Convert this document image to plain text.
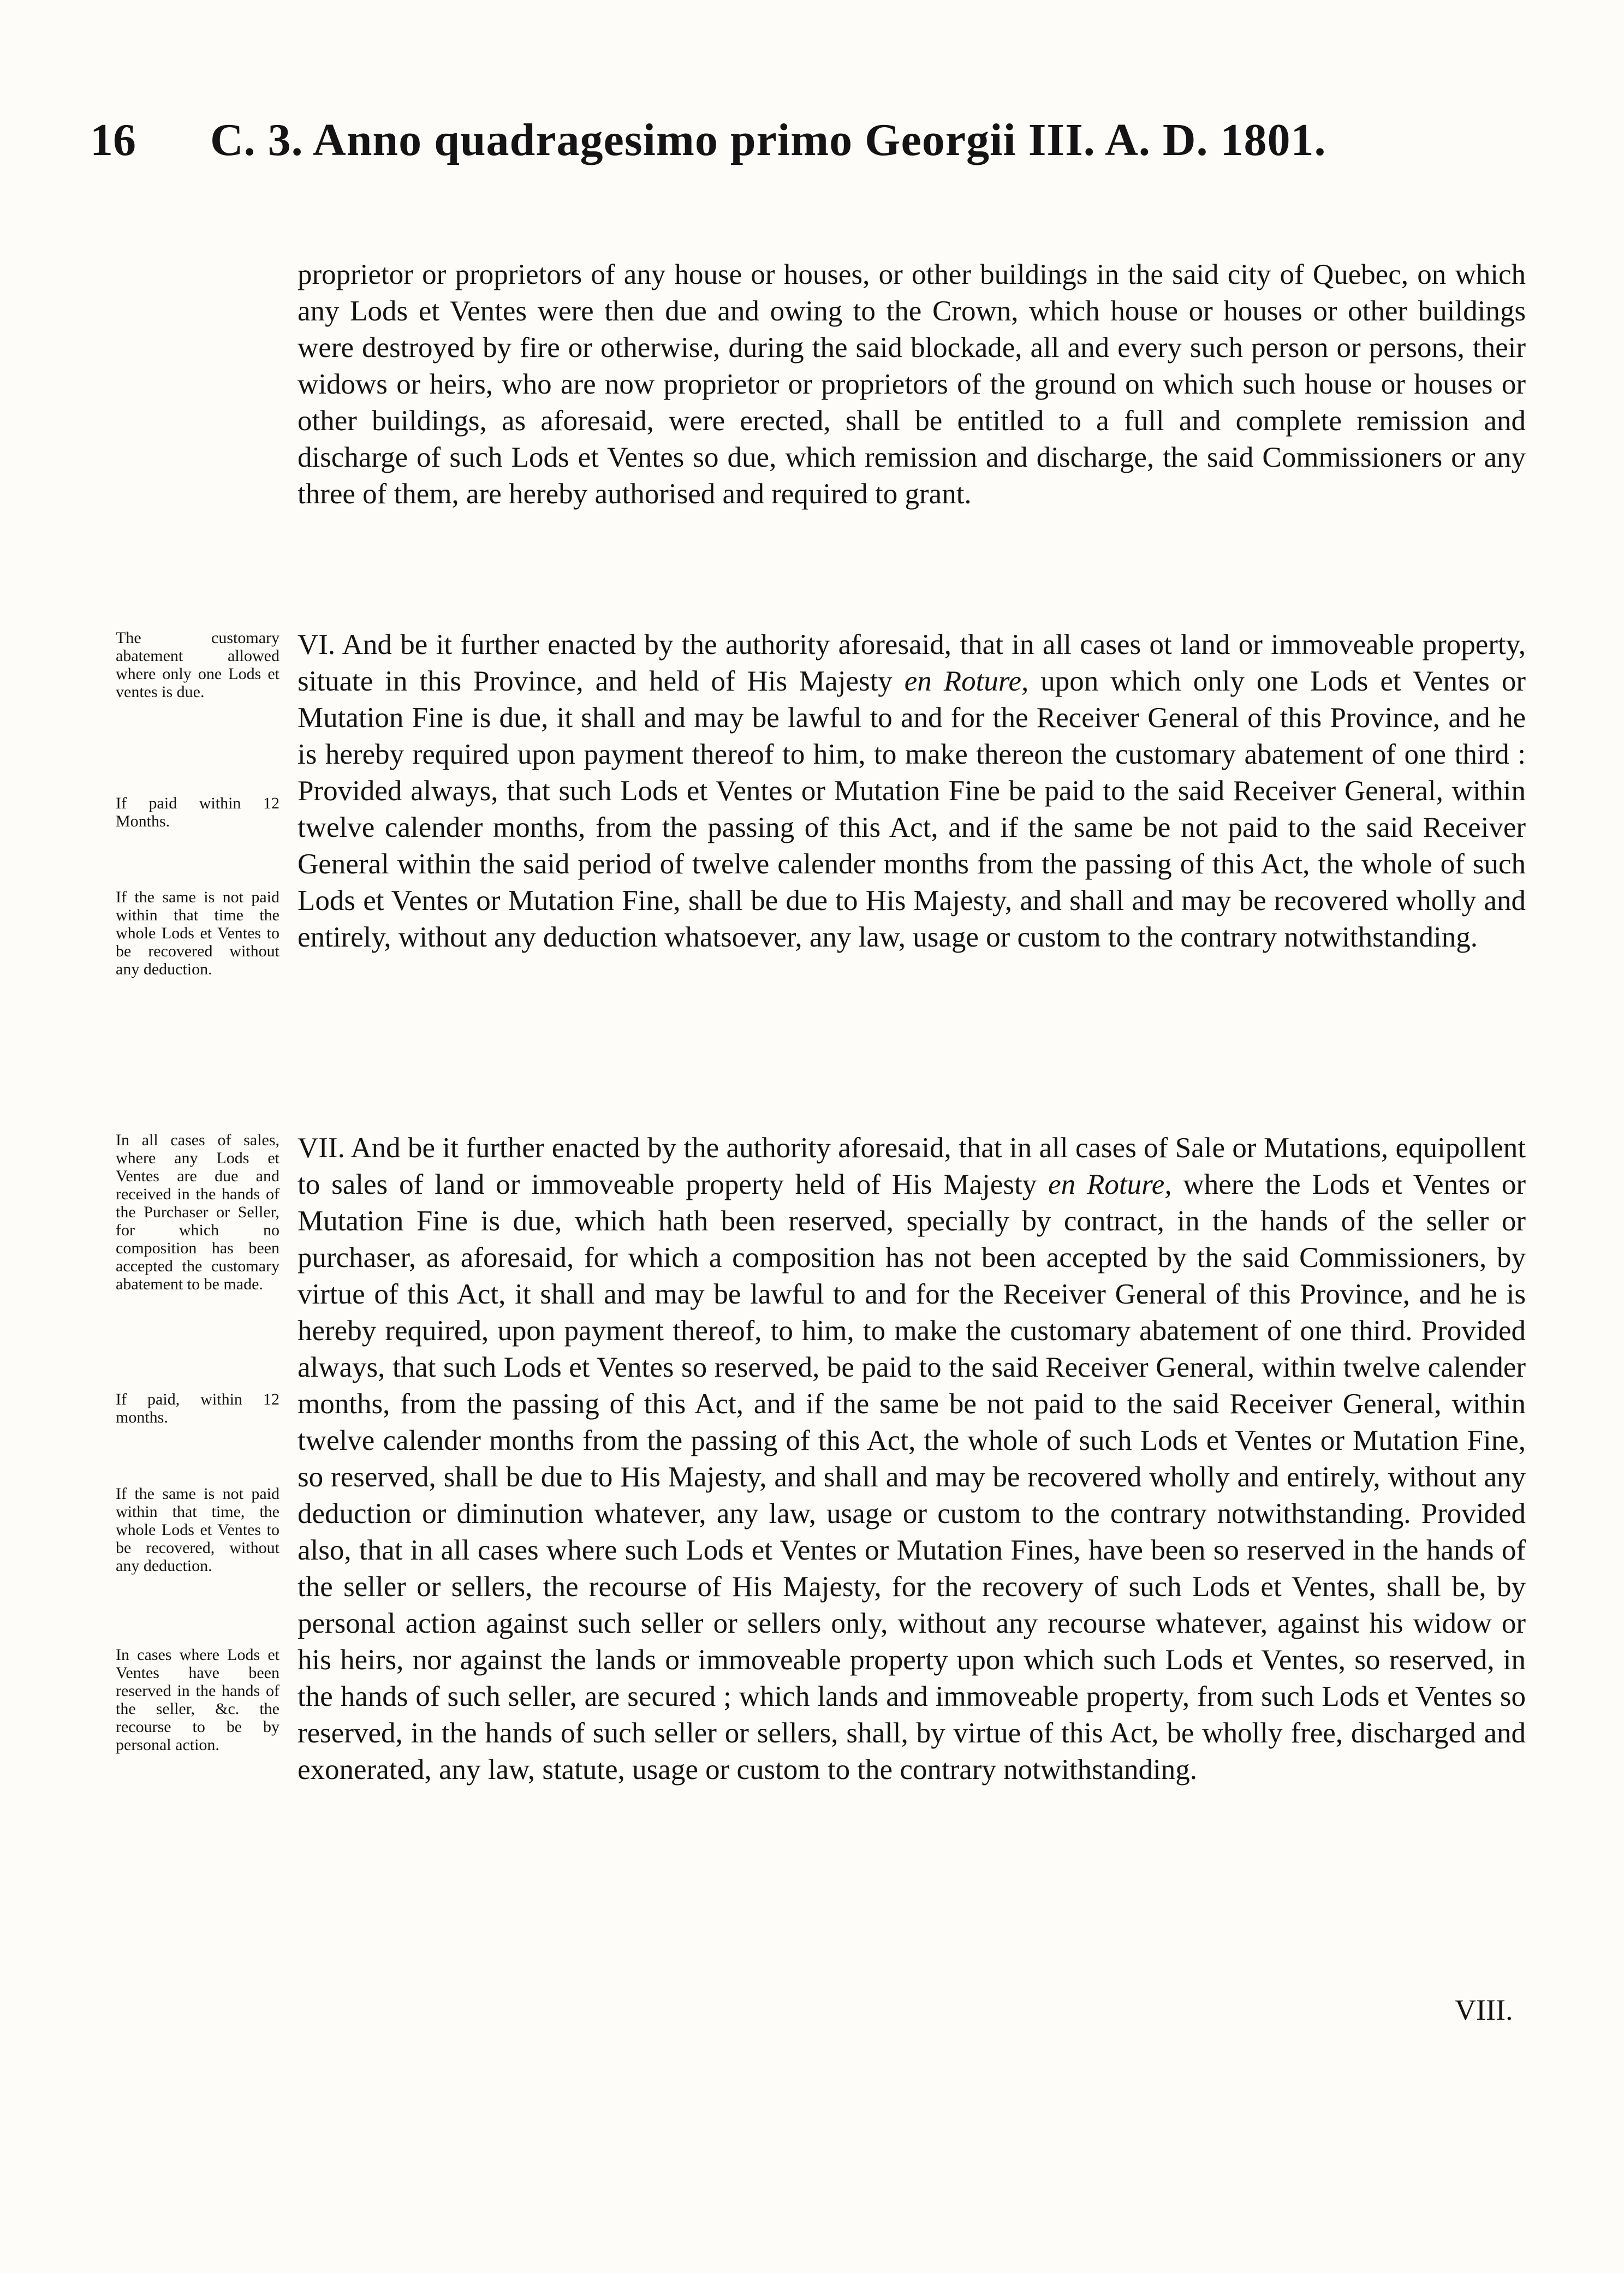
16 C. 3. Anno quadragesimo primo Georgii III. A. D. 1801.

proprietor or proprietors of any house or houses, or other buildings in the said city of Quebec, on which any Lods et Ventes were then due and owing to the Crown, which house or houses or other buildings were destroyed by fire or otherwise, during the said blockade, all and every such person or persons, their widows or heirs, who are now proprietor or proprietors of the ground on which such house or houses or other buildings, as aforesaid, were erected, shall be entitled to a full and complete remission and discharge of such Lods et Ventes so due, which remission and discharge, the said Commissioners or any three of them, are hereby authorised and required to grant.

The customary abatement allowed where only one Lods et ventes is due.

If paid within 12 Months.

If the same is not paid within that time the whole Lods et Ventes to be recovered without any deduction.

VI. And be it further enacted by the authority aforesaid, that in all cases ot land or immoveable property, situate in this Province, and held of His Majesty en Roture, upon which only one Lods et Ventes or Mutation Fine is due, it shall and may be lawful to and for the Receiver General of this Province, and he is hereby required upon payment thereof to him, to make thereon the customary abatement of one third : Provided always, that such Lods et Ventes or Mutation Fine be paid to the said Receiver General, within twelve calender months, from the passing of this Act, and if the same be not paid to the said Receiver General within the said period of twelve calender months from the passing of this Act, the whole of such Lods et Ventes or Mutation Fine, shall be due to His Majesty, and shall and may be recovered wholly and entirely, without any deduction whatsoever, any law, usage or custom to the contrary notwithstanding.

In all cases of sales, where any Lods et Ventes are due and received in the hands of the Purchaser or Seller, for which no composition has been accepted the customary abatement to be made.

If paid, within 12 months.

If the same is not paid within that time, the whole Lods et Ventes to be recovered, without any deduction.

In cases where Lods et Ventes have been reserved in the hands of the seller, &c. the recourse to be by personal action.

VII. And be it further enacted by the authority aforesaid, that in all cases of Sale or Mutations, equipollent to sales of land or immoveable property held of His Majesty en Roture, where the Lods et Ventes or Mutation Fine is due, which hath been reserved, specially by contract, in the hands of the seller or purchaser, as aforesaid, for which a composition has not been accepted by the said Commissioners, by virtue of this Act, it shall and may be lawful to and for the Receiver General of this Province, and he is hereby required, upon payment thereof, to him, to make the customary abatement of one third. Provided always, that such Lods et Ventes so reserved, be paid to the said Receiver General, within twelve calender months, from the passing of this Act, and if the same be not paid to the said Receiver General, within twelve calender months from the passing of this Act, the whole of such Lods et Ventes or Mutation Fine, so reserved, shall be due to His Majesty, and shall and may be recovered wholly and entirely, without any deduction or diminution whatever, any law, usage or custom to the contrary notwithstanding. Provided also, that in all cases where such Lods et Ventes or Mutation Fines, have been so reserved in the hands of the seller or sellers, the recourse of His Majesty, for the recovery of such Lods et Ventes, shall be, by personal action against such seller or sellers only, without any recourse whatever, against his widow or his heirs, nor against the lands or immoveable property upon which such Lods et Ventes, so reserved, in the hands of such seller, are secured ; which lands and immoveable property, from such Lods et Ventes so reserved, in the hands of such seller or sellers, shall, by virtue of this Act, be wholly free, discharged and exonerated, any law, statute, usage or custom to the contrary notwithstanding.

VIII.
